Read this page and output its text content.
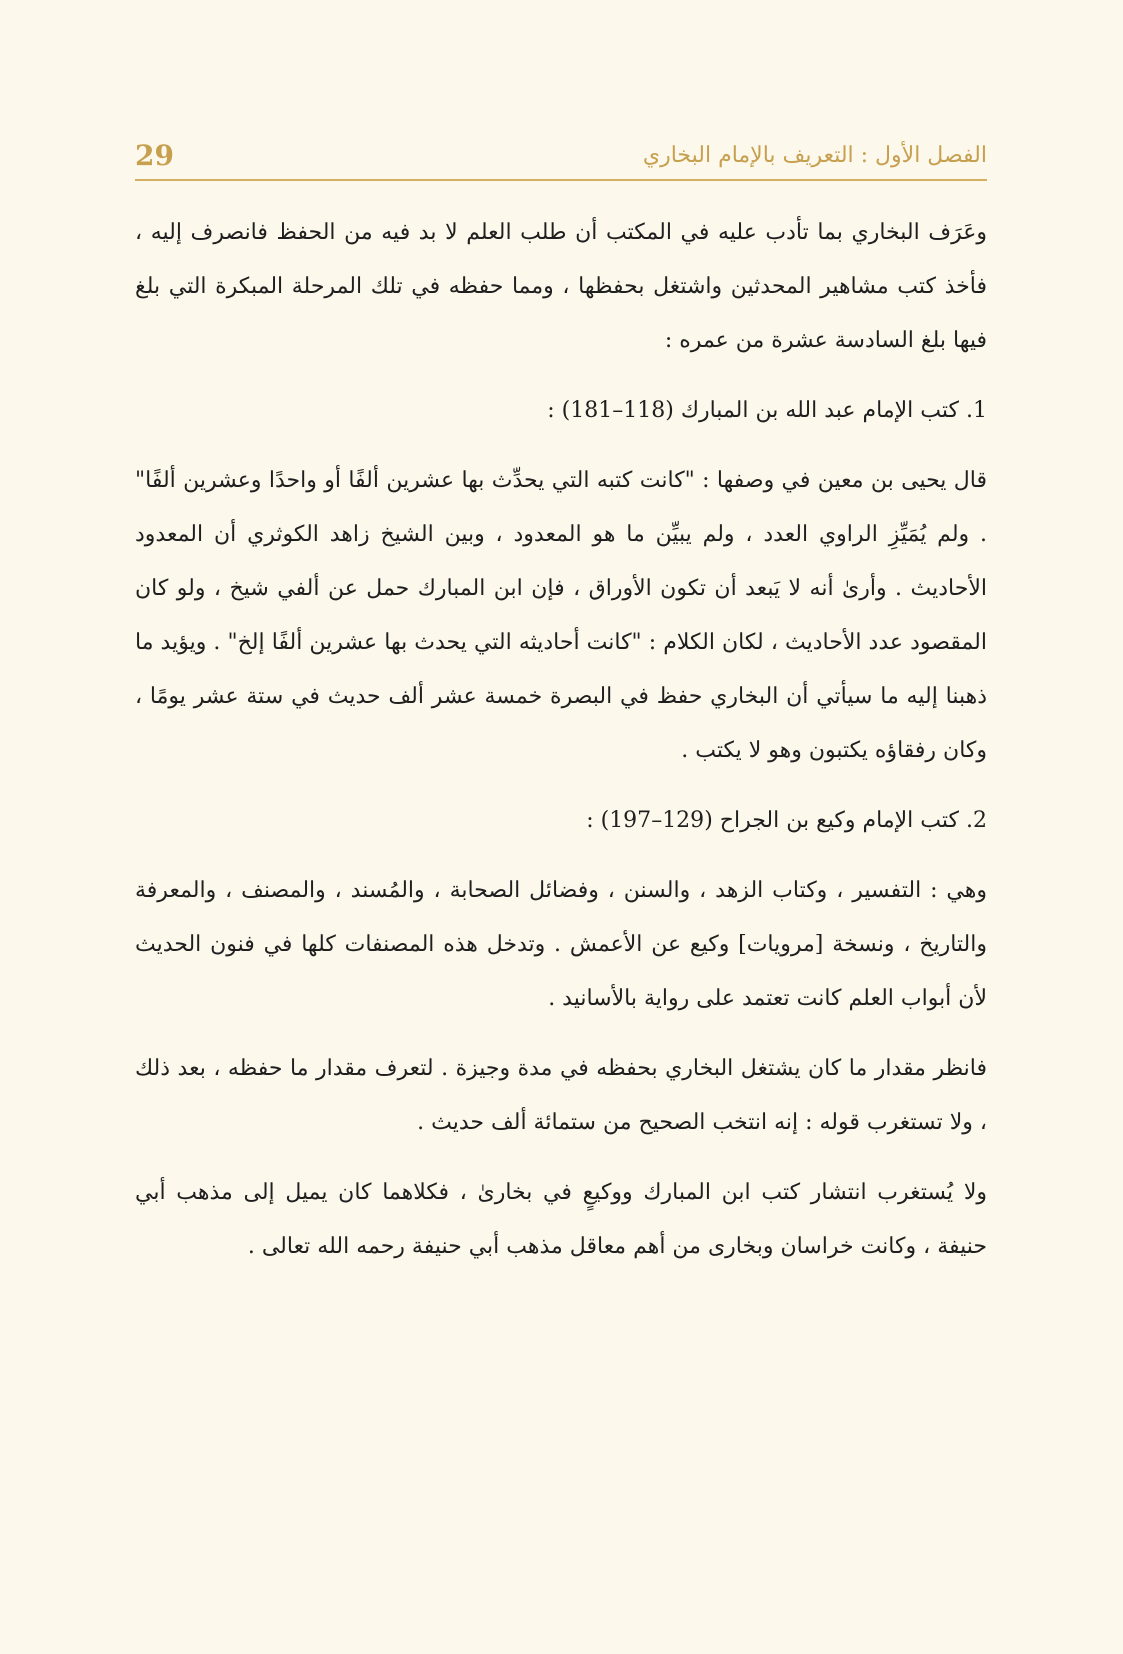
29	الفصل الأول : التعريف بالإمام البخاري

وعَرَف البخاري بما تأدب عليه في المكتب أن طلب العلم لا بد فيه من الحفظ فانصرف إليه ، فأخذ كتب مشاهير المحدثين واشتغل بحفظها ، ومما حفظه في تلك المرحلة المبكرة التي بلغ فيها بلغ السادسة عشرة من عمره :

1. كتب الإمام عبد الله بن المبارك (118–181) :

قال يحيى بن معين في وصفها : "كانت كتبه التي يحدِّث بها عشرين ألفًا أو واحدًا وعشرين ألفًا" . ولم يُمَيِّزِ الراوي العدد ، ولم يبيِّن ما هو المعدود ، وبين الشيخ زاهد الكوثري أن المعدود الأحاديث . وأرىٰ أنه لا يَبعد أن تكون الأوراق ، فإن ابن المبارك حمل عن ألفي شيخ ، ولو كان المقصود عدد الأحاديث ، لكان الكلام : "كانت أحاديثه التي يحدث بها عشرين ألفًا إلخ" . ويؤيد ما ذهبنا إليه ما سيأتي أن البخاري حفظ في البصرة خمسة عشر ألف حديث في ستة عشر يومًا ، وكان رفقاؤه يكتبون وهو لا يكتب .

2. كتب الإمام وكيع بن الجراح (129–197) :

وهي : التفسير ، وكتاب الزهد ، والسنن ، وفضائل الصحابة ، والمُسند ، والمصنف ، والمعرفة والتاريخ ، ونسخة [مرويات] وكيع عن الأعمش . وتدخل هذه المصنفات كلها في فنون الحديث لأن أبواب العلم كانت تعتمد على رواية بالأسانيد .

فانظر مقدار ما كان يشتغل البخاري بحفظه في مدة وجيزة . لتعرف مقدار ما حفظه ، بعد ذلك ، ولا تستغرب قوله : إنه انتخب الصحيح من ستمائة ألف حديث .

ولا يُستغرب انتشار كتب ابن المبارك ووكيعٍ في بخارىٰ ، فكلاهما كان يميل إلى مذهب أبي حنيفة ، وكانت خراسان وبخارى من أهم معاقل مذهب أبي حنيفة رحمه الله تعالى .
